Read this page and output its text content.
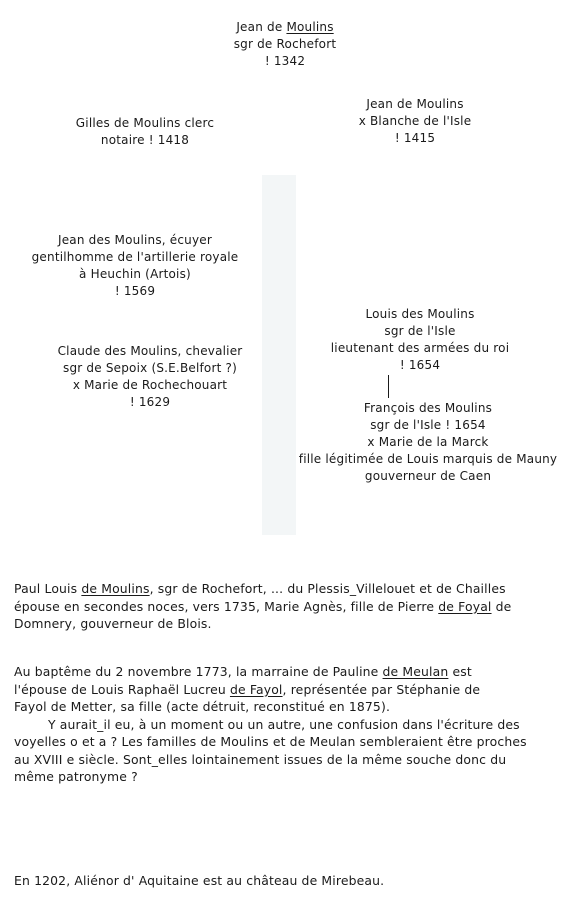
Jean de Moulins
sgr de Rochefort
! 1342
Gilles de Moulins clerc
notaire ! 1418
Jean de Moulins
x Blanche de l'Isle
! 1415
Jean des Moulins, écuyer
gentilhomme de l'artillerie royale
à Heuchin (Artois)
! 1569
Claude des Moulins, chevalier
sgr de Sepoix (S.E.Belfort ?)
x Marie de Rochechouart
! 1629
Louis des Moulins
sgr de l'Isle
lieutenant des armées du roi
! 1654
François des Moulins
sgr de l'Isle ! 1654
x Marie de la Marck
fille légitimée de Louis marquis de Mauny
gouverneur de Caen
Paul Louis de Moulins, sgr de Rochefort, ... du Plessis_Villelouet et de Chailles
épouse en secondes noces, vers 1735, Marie Agnès, fille de Pierre de Foyal de
Domnery, gouverneur de Blois.
Au baptême du 2 novembre 1773, la marraine de Pauline de Meulan est
l'épouse de Louis Raphaël Lucreu de Fayol, représentée par Stéphanie de
Fayol de Metter, sa fille (acte détruit, reconstitué en 1875).
Y aurait_il eu, à un moment ou un autre, une confusion dans l'écriture des
voyelles o et a ? Les familles de Moulins et de Meulan sembleraient être proches
au XVIII e siècle. Sont_elles lointainement issues de la même souche donc du
même patronyme ?
En 1202, Aliénor d' Aquitaine est au château de Mirebeau.
